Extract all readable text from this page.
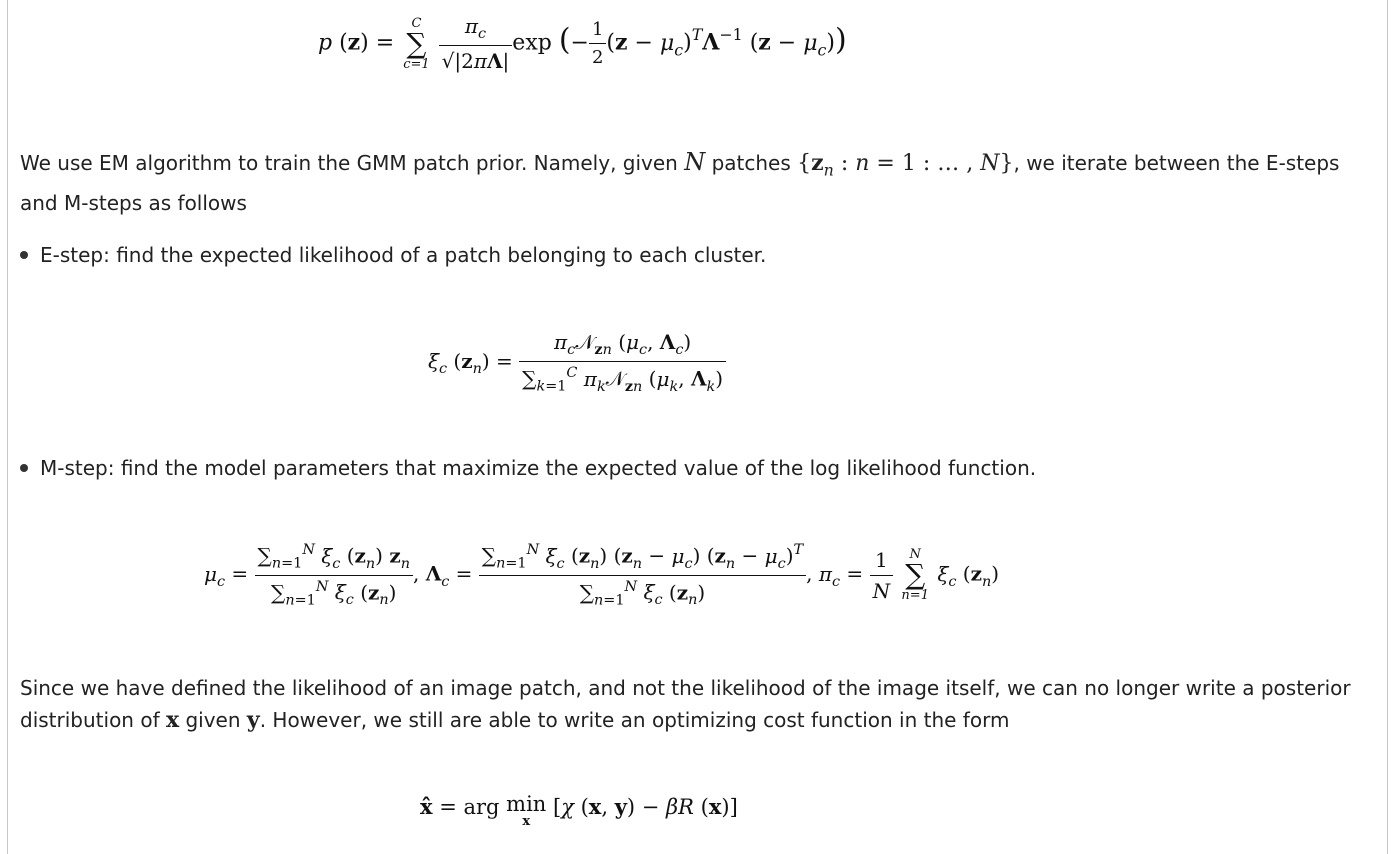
p (z) =
C
∑
c=1
$\frac{\pi_c}{√|2\pi\Lambda|}$ exp (− $\frac{1}{2} (z - \mu_c)^T\Lambda^{-1}$ $(z - \mu_c)$)
We use EM algorithm to train the GMM patch prior. Namely, given N patches {$z_n$ : n = 1 : … , N}, we iterate between the E-steps and M-steps as follows
E-step: find the expected likelihood of a patch belonging to each cluster.
$\xi_c$ $(z_n) = \frac{\pi_c𝒩_{zn} (\mu_c, \Lambda_c)}{\sum_{k=1}^C \pi_k𝒩_{zn} (\mu_k, \Lambda_k)}$
M-step: find the model parameters that maximize the expected value of the log likelihood function.
$\mu_c = \frac{\sum_{n=1}^N \xi_c (z_n) z_n}{\sum_{n=1}^N \xi_c (z_n)}$ , $\Lambda_c = \frac{\sum_{n=1}^N \xi_c (z_n) (z_n - \mu_c) (z_n - \mu_c)^T}{\sum_{n=1}^N \xi_c (z_n)}$ , $\pi_c = \frac{1}{N}$
	N
∑
n=1
$\xi_c$ $(z_n)$
Since we have defined the likelihood of an image patch, and not the likelihood of the image itself, we can no longer write a posterior distribution of x given y. However, we still are able to write an optimizing cost function in the form
x̂ = arg min
x
[χ (x, y) − βR (x)]
